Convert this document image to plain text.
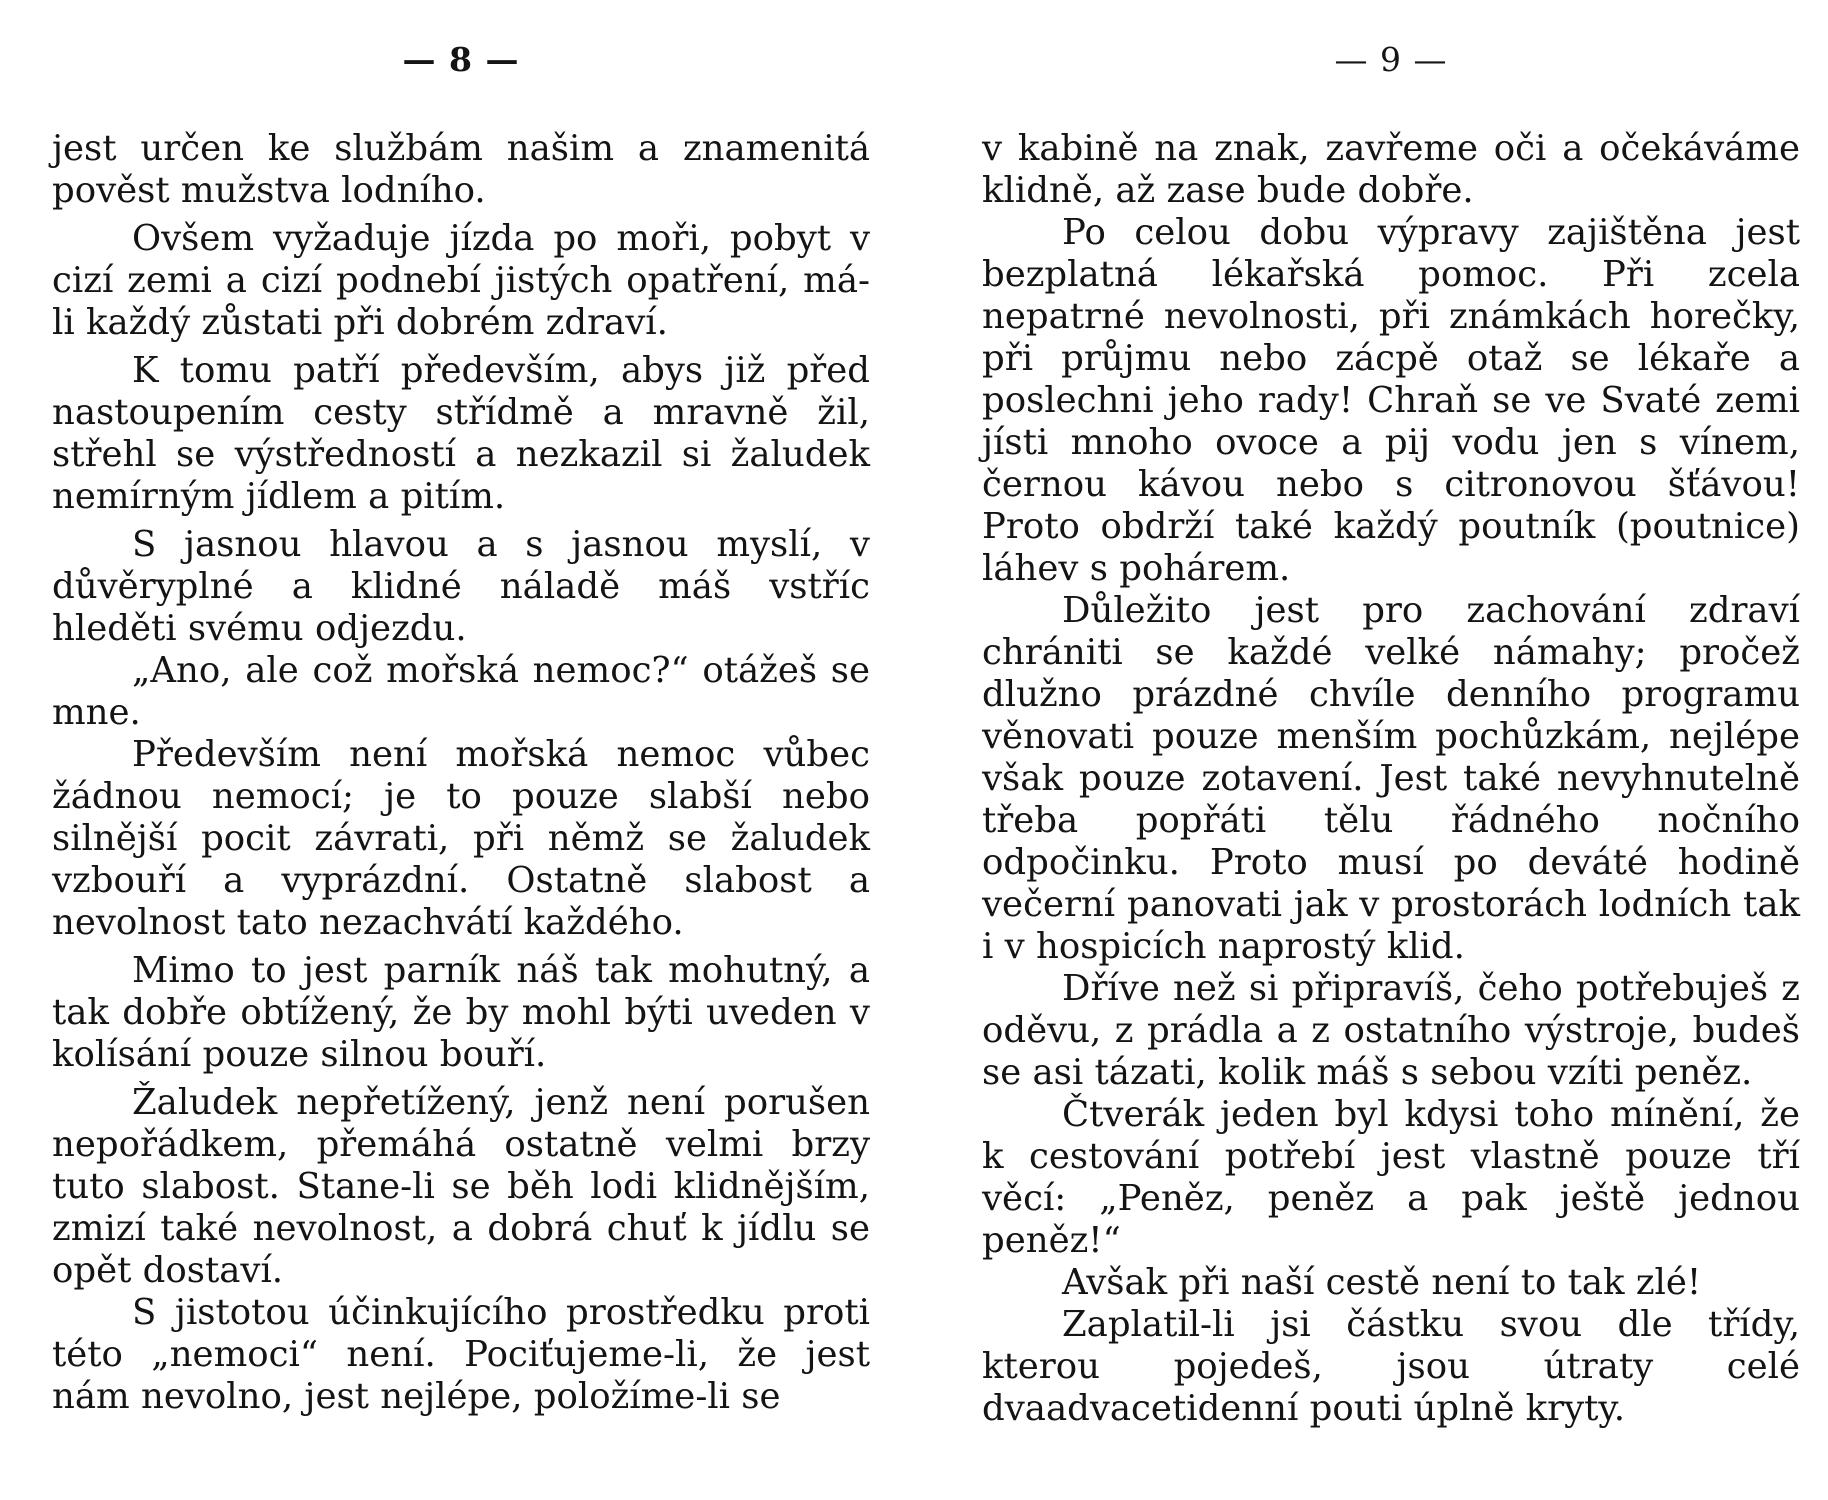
— 8 —

jest určen ke službám našim a znamenitá pověst mužstva lodního.

Ovšem vyžaduje jízda po moři, pobyt v cizí zemi a cizí podnebí jistých opatření, má-li každý zůstati při dobrém zdraví.

K tomu patří především, abys již před nastoupením cesty střídmě a mravně žil, střehl se výstředností a nezkazil si žaludek nemírným jídlem a pitím.

S jasnou hlavou a s jasnou myslí, v důvěryplné a klidné náladě máš vstříc hleděti svému odjezdu.

„Ano, ale což mořská nemoc?“ otážeš se mne.

Především není mořská nemoc vůbec žádnou nemocí; je to pouze slabší nebo silnější pocit závrati, při němž se žaludek vzbouří a vyprázdní. Ostatně slabost a nevolnost tato nezachvátí každého.

Mimo to jest parník náš tak mohutný, a tak dobře obtížený, že by mohl býti uveden v kolísání pouze silnou bouří.

Žaludek nepřetížený, jenž není porušen nepořádkem, přemáhá ostatně velmi brzy tuto slabost. Stane-li se běh lodi klidnějším, zmizí také nevolnost, a dobrá chuť k jídlu se opět dostaví.

S jistotou účinkujícího prostředku proti této „nemoci“ není. Pociťujeme-li, že jest nám nevolno, jest nejlépe, položíme-li se

— 9 —

v kabině na znak, zavřeme oči a očekáváme klidně, až zase bude dobře.

Po celou dobu výpravy zajištěna jest bezplatná lékařská pomoc. Při zcela nepatrné nevolnosti, při známkách horečky, při průjmu nebo zácpě otaž se lékaře a poslechni jeho rady! Chraň se ve Svaté zemi jísti mnoho ovoce a pij vodu jen s vínem, černou kávou nebo s citronovou šťávou! Proto obdrží také každý poutník (poutnice) láhev s pohárem.

Důležito jest pro zachování zdraví chrániti se každé velké námahy; pročež dlužno prázdné chvíle denního programu věnovati pouze menším pochůzkám, nejlépe však pouze zotavení. Jest také nevyhnutelně třeba popřáti tělu řádného nočního odpočinku. Proto musí po deváté hodině večerní panovati jak v prostorách lodních tak i v hospicích naprostý klid.

Dříve než si připravíš, čeho potřebuješ z oděvu, z prádla a z ostatního výstroje, budeš se asi tázati, kolik máš s sebou vzíti peněz.

Čtverák jeden byl kdysi toho mínění, že k cestování potřebí jest vlastně pouze tří věcí: „Peněz, peněz a pak ještě jednou peněz!“

Avšak při naší cestě není to tak zlé!

Zaplatil-li jsi částku svou dle třídy, kterou pojedeš, jsou útraty celé dvaadvacetidenní pouti úplně kryty.
